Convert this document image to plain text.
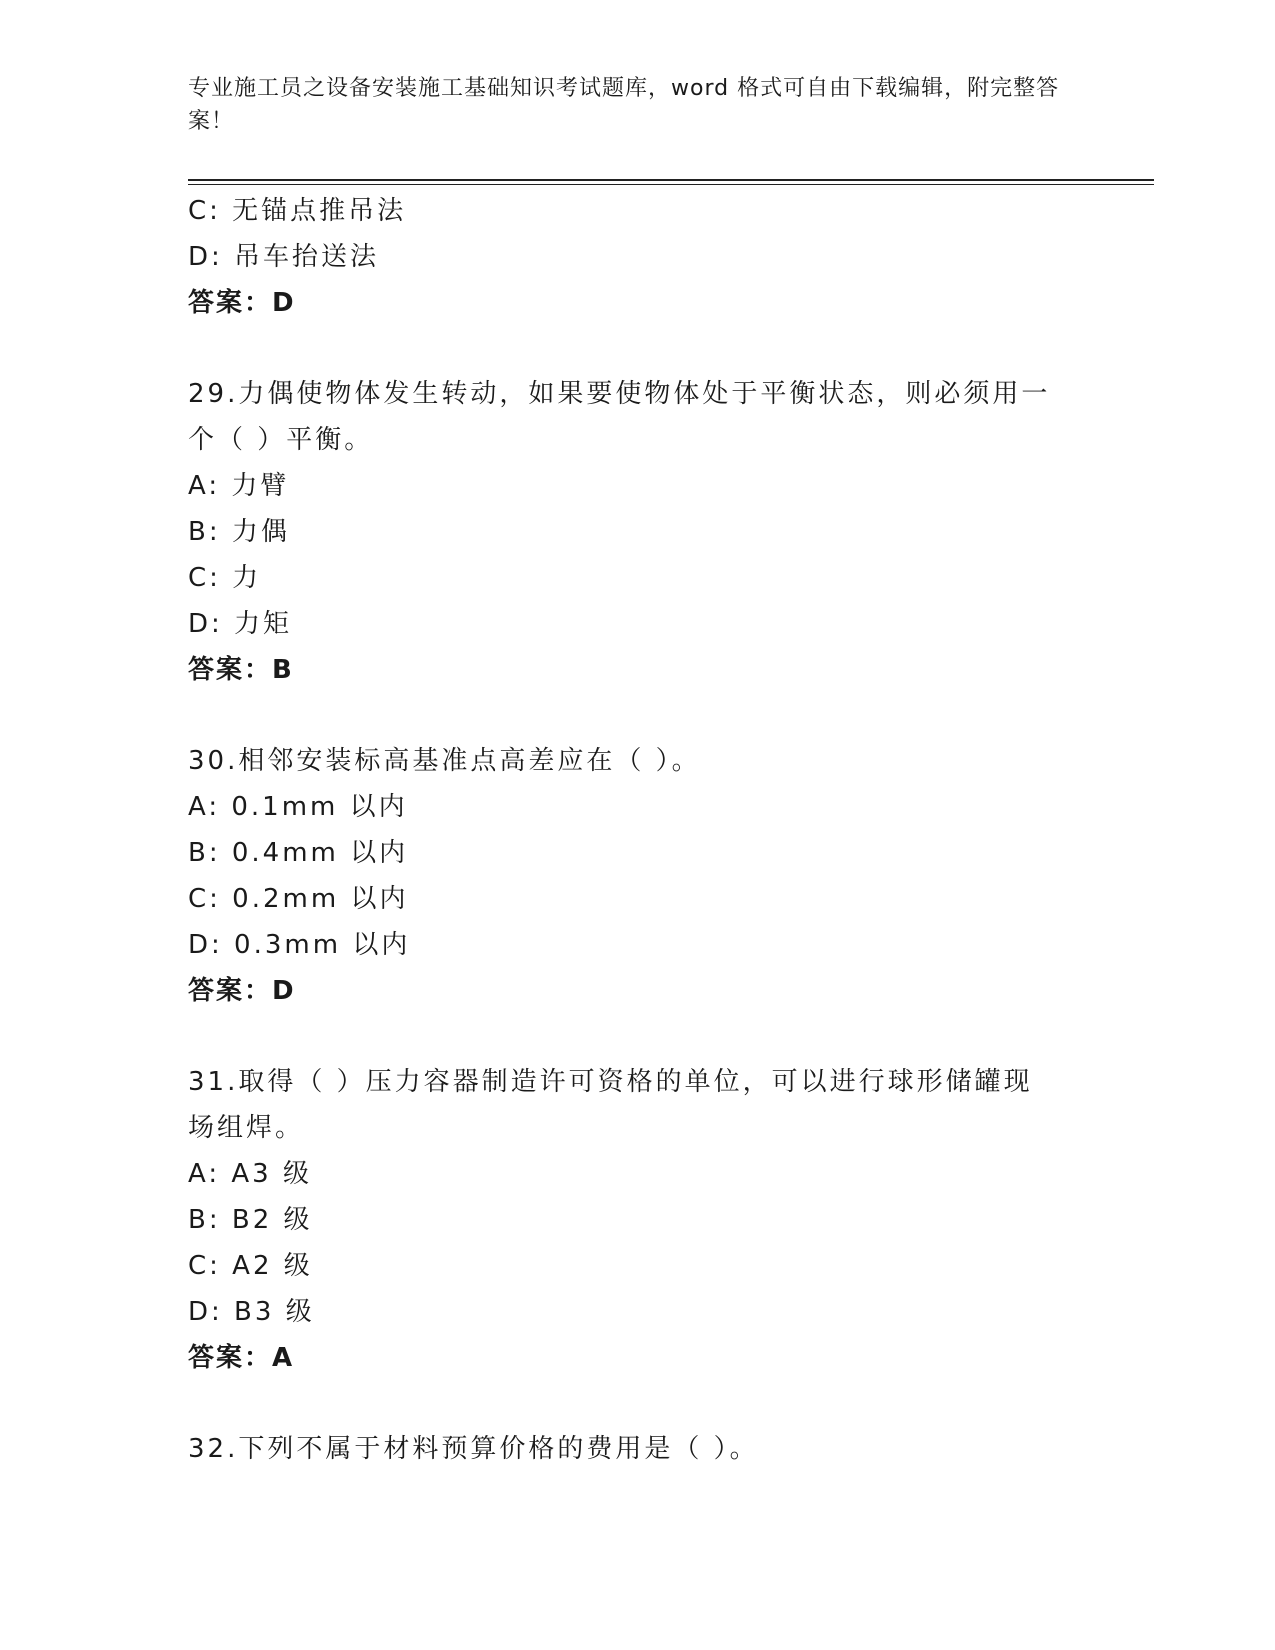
专业施工员之设备安装施工基础知识考试题库，word 格式可自由下载编辑，附完整答案！
C: 无锚点推吊法
D: 吊车抬送法
答案：D
29.力偶使物体发生转动，如果要使物体处于平衡状态，则必须用一个（ ）平衡。
A: 力臂
B: 力偶
C: 力
D: 力矩
答案：B
30.相邻安装标高基准点高差应在（ ）。
A: 0.1mm 以内
B: 0.4mm 以内
C: 0.2mm 以内
D: 0.3mm 以内
答案：D
31.取得（ ）压力容器制造许可资格的单位，可以进行球形储罐现场组焊。
A: A3 级
B: B2 级
C: A2 级
D: B3 级
答案：A
32.下列不属于材料预算价格的费用是（ ）。
